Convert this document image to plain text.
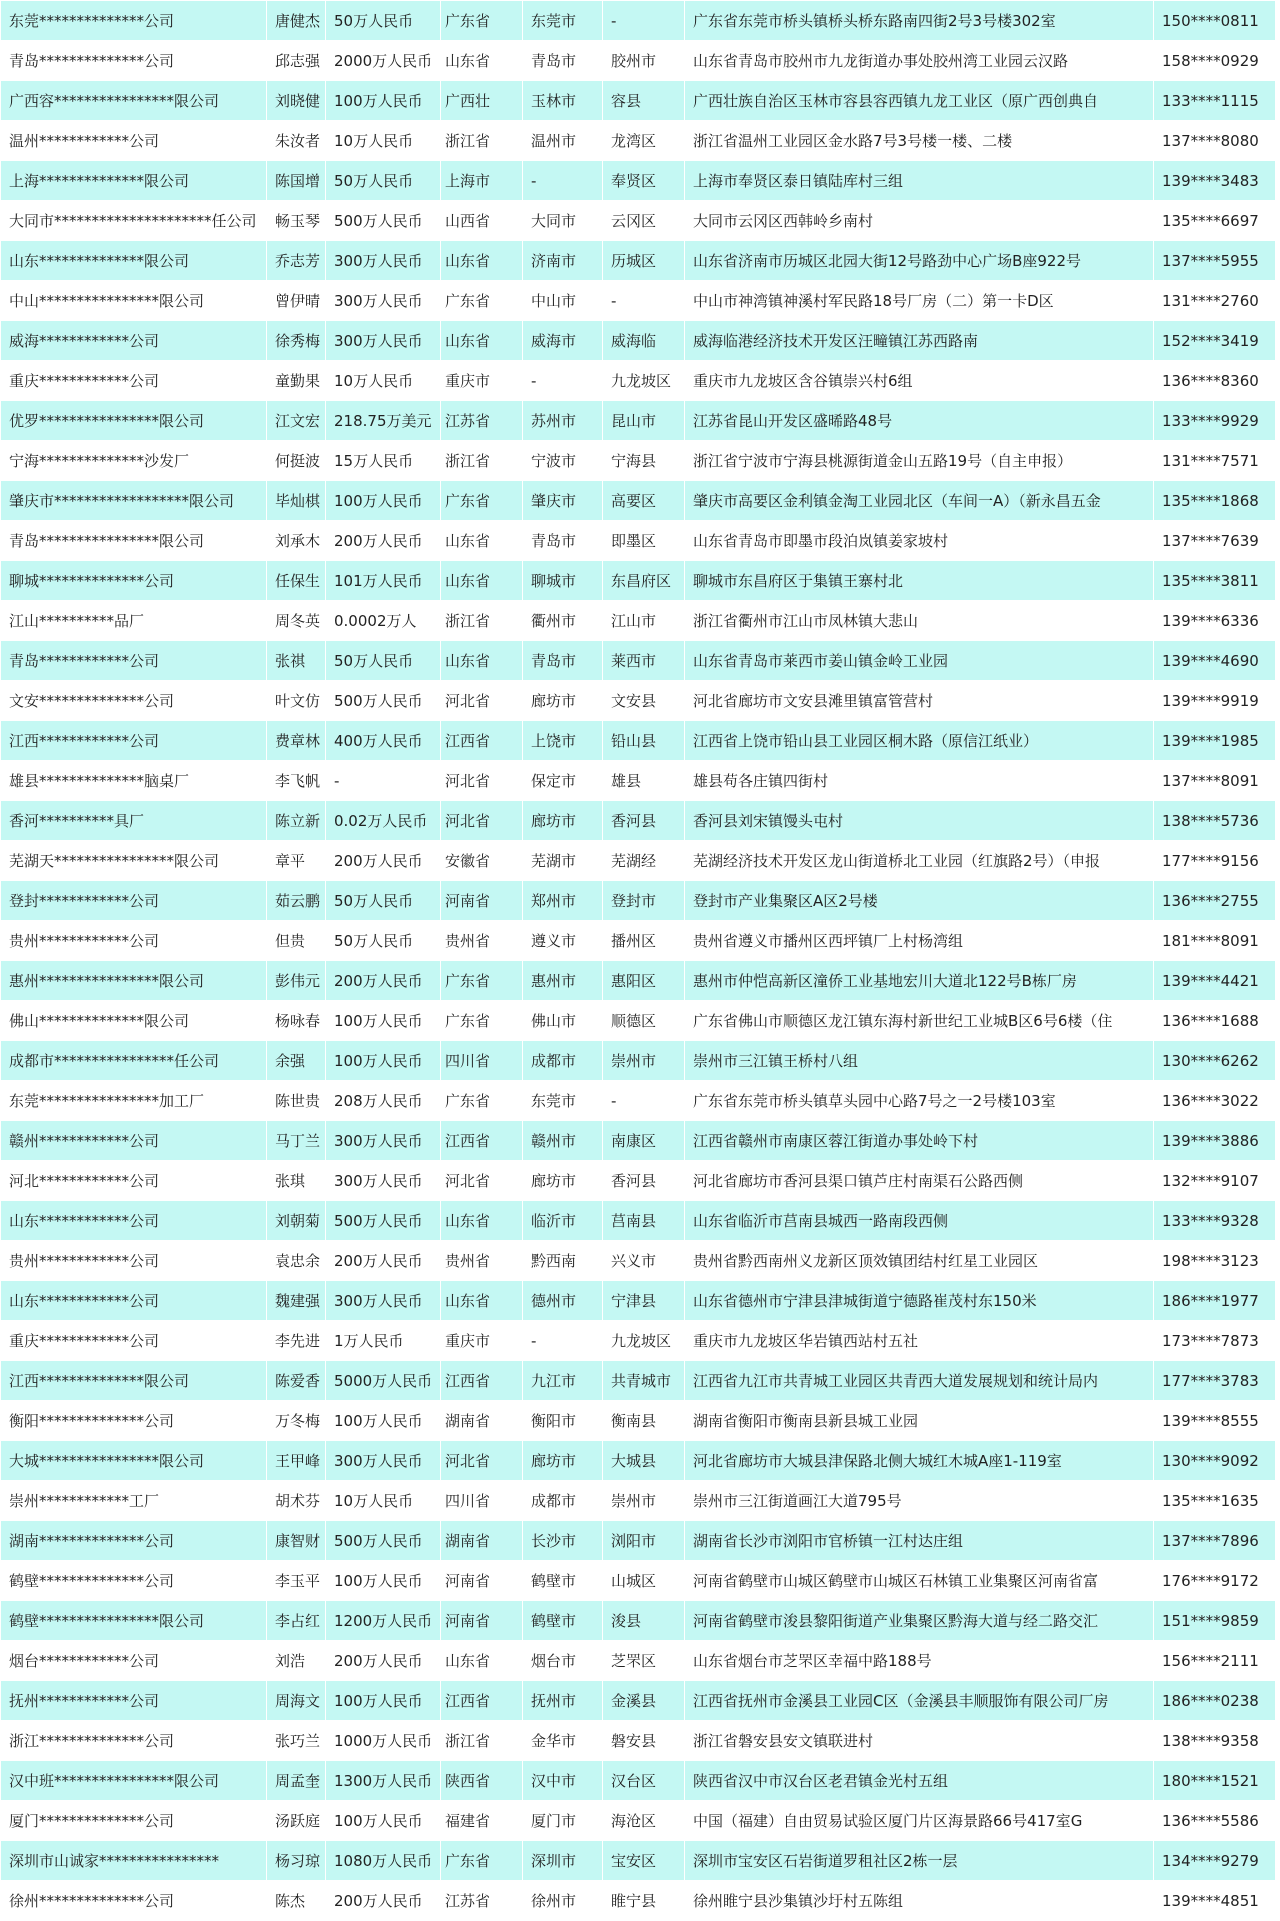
东莞**************公司	唐健杰	50万人民币	广东省	东莞市	-	广东省东莞市桥头镇桥头桥东路南四街2号3号楼302室	150****0811
青岛**************公司	邱志强	2000万人民币	山东省	青岛市	胶州市	山东省青岛市胶州市九龙街道办事处胶州湾工业园云汉路	158****0929
广西容****************限公司	刘晓健	100万人民币	广西壮	玉林市	容县	广西壮族自治区玉林市容县容西镇九龙工业区（原广西创典自	133****1115
温州************公司	朱汝者	10万人民币	浙江省	温州市	龙湾区	浙江省温州工业园区金水路7号3号楼一楼、二楼	137****8080
上海**************限公司	陈国增	50万人民币	上海市	-	奉贤区	上海市奉贤区泰日镇陆库村三组	139****3483
大同市*********************任公司	畅玉琴	500万人民币	山西省	大同市	云冈区	大同市云冈区西韩岭乡南村	135****6697
山东**************限公司	乔志芳	300万人民币	山东省	济南市	历城区	山东省济南市历城区北园大街12号路劲中心广场B座922号	137****5955
中山****************限公司	曾伊晴	300万人民币	广东省	中山市	-	中山市神湾镇神溪村军民路18号厂房（二）第一卡D区	131****2760
威海************公司	徐秀梅	300万人民币	山东省	威海市	威海临	威海临港经济技术开发区汪疃镇江苏西路南	152****3419
重庆************公司	童勤果	10万人民币	重庆市	-	九龙坡区	重庆市九龙坡区含谷镇崇兴村6组	136****8360
优罗****************限公司	江文宏	218.75万美元	江苏省	苏州市	昆山市	江苏省昆山开发区盛晞路48号	133****9929
宁海**************沙发厂	何挺波	15万人民币	浙江省	宁波市	宁海县	浙江省宁波市宁海县桃源街道金山五路19号（自主申报）	131****7571
肇庆市******************限公司	毕灿棋	100万人民币	广东省	肇庆市	高要区	肇庆市高要区金利镇金淘工业园北区（车间一A）（新永昌五金	135****1868
青岛****************限公司	刘承木	200万人民币	山东省	青岛市	即墨区	山东省青岛市即墨市段泊岚镇姜家坡村	137****7639
聊城**************公司	任保生	101万人民币	山东省	聊城市	东昌府区	聊城市东昌府区于集镇王寨村北	135****3811
江山**********品厂	周冬英	0.0002万人	浙江省	衢州市	江山市	浙江省衢州市江山市凤林镇大悲山	139****6336
青岛************公司	张祺	50万人民币	山东省	青岛市	莱西市	山东省青岛市莱西市姜山镇金岭工业园	139****4690
文安**************公司	叶文仿	500万人民币	河北省	廊坊市	文安县	河北省廊坊市文安县滩里镇富管营村	139****9919
江西************公司	费章林	400万人民币	江西省	上饶市	铅山县	江西省上饶市铅山县工业园区桐木路（原信江纸业）	139****1985
雄县**************脑桌厂	李飞帆	-	河北省	保定市	雄县	雄县苟各庄镇四街村	137****8091
香河**********具厂	陈立新	0.02万人民币	河北省	廊坊市	香河县	香河县刘宋镇馒头屯村	138****5736
芜湖天****************限公司	章平	200万人民币	安徽省	芜湖市	芜湖经	芜湖经济技术开发区龙山街道桥北工业园（红旗路2号）（申报	177****9156
登封************公司	茹云鹏	50万人民币	河南省	郑州市	登封市	登封市产业集聚区A区2号楼	136****2755
贵州************公司	但贵	50万人民币	贵州省	遵义市	播州区	贵州省遵义市播州区西坪镇厂上村杨湾组	181****8091
惠州****************限公司	彭伟元	200万人民币	广东省	惠州市	惠阳区	惠州市仲恺高新区潼侨工业基地宏川大道北122号B栋厂房	139****4421
佛山**************限公司	杨咏春	100万人民币	广东省	佛山市	顺德区	广东省佛山市顺德区龙江镇东海村新世纪工业城B区6号6楼（住	136****1688
成都市****************任公司	余强	100万人民币	四川省	成都市	崇州市	崇州市三江镇王桥村八组	130****6262
东莞****************加工厂	陈世贵	208万人民币	广东省	东莞市	-	广东省东莞市桥头镇草头园中心路7号之一2号楼103室	136****3022
赣州************公司	马丁兰	300万人民币	江西省	赣州市	南康区	江西省赣州市南康区蓉江街道办事处岭下村	139****3886
河北************公司	张琪	300万人民币	河北省	廊坊市	香河县	河北省廊坊市香河县渠口镇芦庄村南渠石公路西侧	132****9107
山东************公司	刘朝菊	500万人民币	山东省	临沂市	莒南县	山东省临沂市莒南县城西一路南段西侧	133****9328
贵州************公司	袁忠余	200万人民币	贵州省	黔西南	兴义市	贵州省黔西南州义龙新区顶效镇团结村红星工业园区	198****3123
山东************公司	魏建强	300万人民币	山东省	德州市	宁津县	山东省德州市宁津县津城街道宁德路崔茂村东150米	186****1977
重庆************公司	李先进	1万人民币	重庆市	-	九龙坡区	重庆市九龙坡区华岩镇西站村五社	173****7873
江西**************限公司	陈爱香	5000万人民币	江西省	九江市	共青城市	江西省九江市共青城工业园区共青西大道发展规划和统计局内	177****3783
衡阳**************公司	万冬梅	100万人民币	湖南省	衡阳市	衡南县	湖南省衡阳市衡南县新县城工业园	139****8555
大城****************限公司	王甲峰	300万人民币	河北省	廊坊市	大城县	河北省廊坊市大城县津保路北侧大城红木城A座1-119室	130****9092
崇州************工厂	胡术芬	10万人民币	四川省	成都市	崇州市	崇州市三江街道画江大道795号	135****1635
湖南**************公司	康智财	500万人民币	湖南省	长沙市	浏阳市	湖南省长沙市浏阳市官桥镇一江村达庄组	137****7896
鹤壁**************公司	李玉平	100万人民币	河南省	鹤壁市	山城区	河南省鹤壁市山城区鹤壁市山城区石林镇工业集聚区河南省富	176****9172
鹤壁****************限公司	李占红	1200万人民币	河南省	鹤壁市	浚县	河南省鹤壁市浚县黎阳街道产业集聚区黔海大道与经二路交汇	151****9859
烟台************公司	刘浩	200万人民币	山东省	烟台市	芝罘区	山东省烟台市芝罘区幸福中路188号	156****2111
抚州************公司	周海文	100万人民币	江西省	抚州市	金溪县	江西省抚州市金溪县工业园C区（金溪县丰顺服饰有限公司厂房	186****0238
浙江**************公司	张巧兰	1000万人民币	浙江省	金华市	磐安县	浙江省磐安县安文镇联进村	138****9358
汉中班****************限公司	周孟奎	1300万人民币	陕西省	汉中市	汉台区	陕西省汉中市汉台区老君镇金光村五组	180****1521
厦门**************公司	汤跃庭	100万人民币	福建省	厦门市	海沧区	中国（福建）自由贸易试验区厦门片区海景路66号417室G	136****5586
深圳市山诚家****************	杨习琼	1080万人民币	广东省	深圳市	宝安区	深圳市宝安区石岩街道罗租社区2栋一层	134****9279
徐州**************公司	陈杰	200万人民币	江苏省	徐州市	睢宁县	徐州睢宁县沙集镇沙圩村五陈组	139****4851
